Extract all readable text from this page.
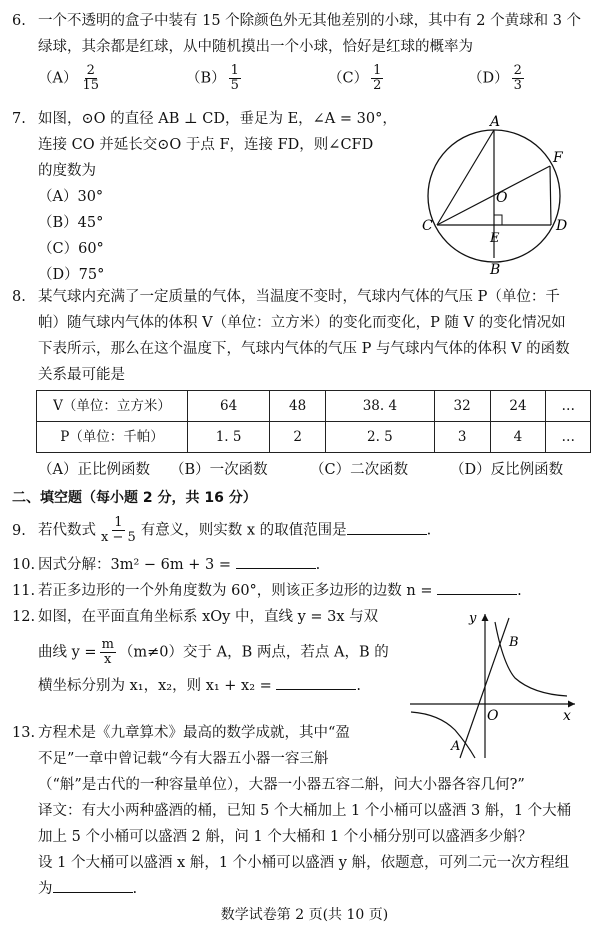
6. 一个不透明的盒子中装有 15 个除颜色外无其他差别的小球，其中有 2 个黄球和 3 个
绿球，其余都是红球，从中随机摸出一个小球，恰好是红球的概率为
$(A) \frac{2}{15}$	$(B) \frac{1}{5}$	$(C) \frac{1}{2}$	$(D) \frac{2}{3}$
7. 如图，⊙O 的直径 AB ⊥ CD，垂足为 E，∠A = 30°，
连接 CO 并延长交⊙O 于点 F，连接 FD，则∠CFD
的度数为
（A）30°
（B）45°
（C）60°
（D）75°
A
B
C	D
E
F
O
8. 某气球内充满了一定质量的气体，当温度不变时，气球内气体的气压 P（单位：千
帕）随气球内气体的体积 V（单位：立方米）的变化而变化，P 随 V 的变化情况如
下表所示，那么在这个温度下，气球内气体的气压 P 与气球内气体的体积 V 的函数
关系最可能是
V（单位：立方米）	64	48	38. 4	32	24	…
P（单位：千帕）	1. 5	2	2. 5	3	4	…
（A）正比例函数 （B）一次函数	（C）二次函数	（D）反比例函数
二、填空题（每小题 2 分，共 16 分）
9. 若代数式 $\frac{1}{x - 5}$ 有意义，则实数 x 的取值范围是	.
10. 因式分解：3m² − 6m + 3 =	.
11. 若正多边形的一个外角度数为 60°，则该正多边形的边数 n =	.
12. 如图，在平面直角坐标系 xOy 中，直线 y = 3x 与双
曲线 $y = \frac{m}{x} (m\ne 0)$交于 A，B 两点，若点 A，B 的
横坐标分别为 x₁，x₂，则 x₁ + x₂ =	.
y
x
O
B
A
13. 方程术是《九章算术》最高的数学成就，其中“盈
不足”一章中曾记载“今有大器五小器一容三斛
（“斛”是古代的一种容量单位），大器一小器五容二斛，问大小器各容几何?”
译文：有大小两种盛酒的桶，已知 5 个大桶加上 1 个小桶可以盛酒 3 斛，1 个大桶
加上 5 个小桶可以盛酒 2 斛，问 1 个大桶和 1 个小桶分别可以盛酒多少斛？
设 1 个大桶可以盛酒 x 斛，1 个小桶可以盛酒 y 斛，依题意，可列二元一次方程组
为	.
数学试卷第 2 页(共 10 页)
